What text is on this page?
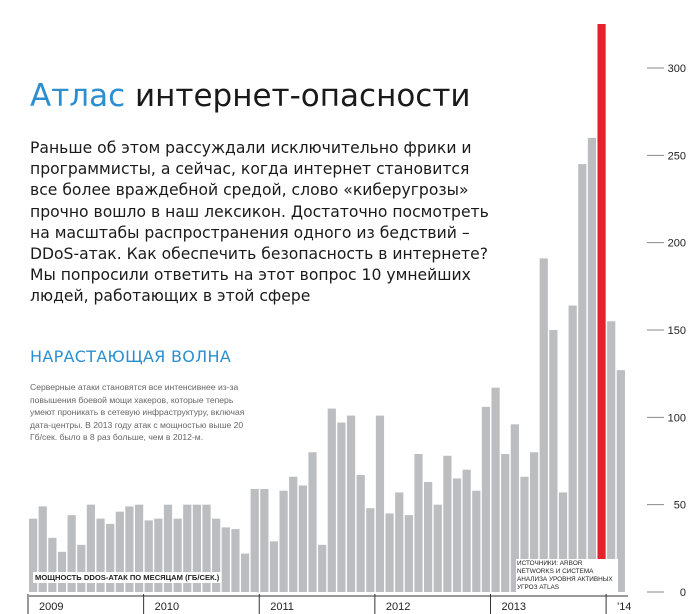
0
50
100
150
200
250
300
2009	2010	2011	2012	2013	'14
Атлас интернет-опасности
Раньше об этом рассуждали исключительно фрики и программисты, а сейчас, когда интернет становится все более враждебной средой, слово «киберугрозы» прочно вошло в наш лексикон. Достаточно посмотреть на масштабы распространения одного из бедствий – DDoS-атак. Как обеспечить безопасность в интернете? Мы попросили ответить на этот вопрос 10 умнейших людей, работающих в этой сфере
НАРАСТАЮЩАЯ ВОЛНА
Серверные атаки становятся все интенсивнее из-за повышения боевой мощи хакеров, которые теперь умеют проникать в сетевую инфраструктуру, включая дата-центры. В 2013 году атак с мощностью выше 20 Гб/сек. было в 8 раз больше, чем в 2012-м.
МОЩНОСТЬ DDOS-АТАК ПО МЕСЯЦАМ (ГБ/СЕК.)
ИСТОЧНИКИ: ARBOR NETWORKS И СИСТЕМА АНАЛИЗА УРОВНЯ АКТИВНЫХ УГРОЗ ATLAS
